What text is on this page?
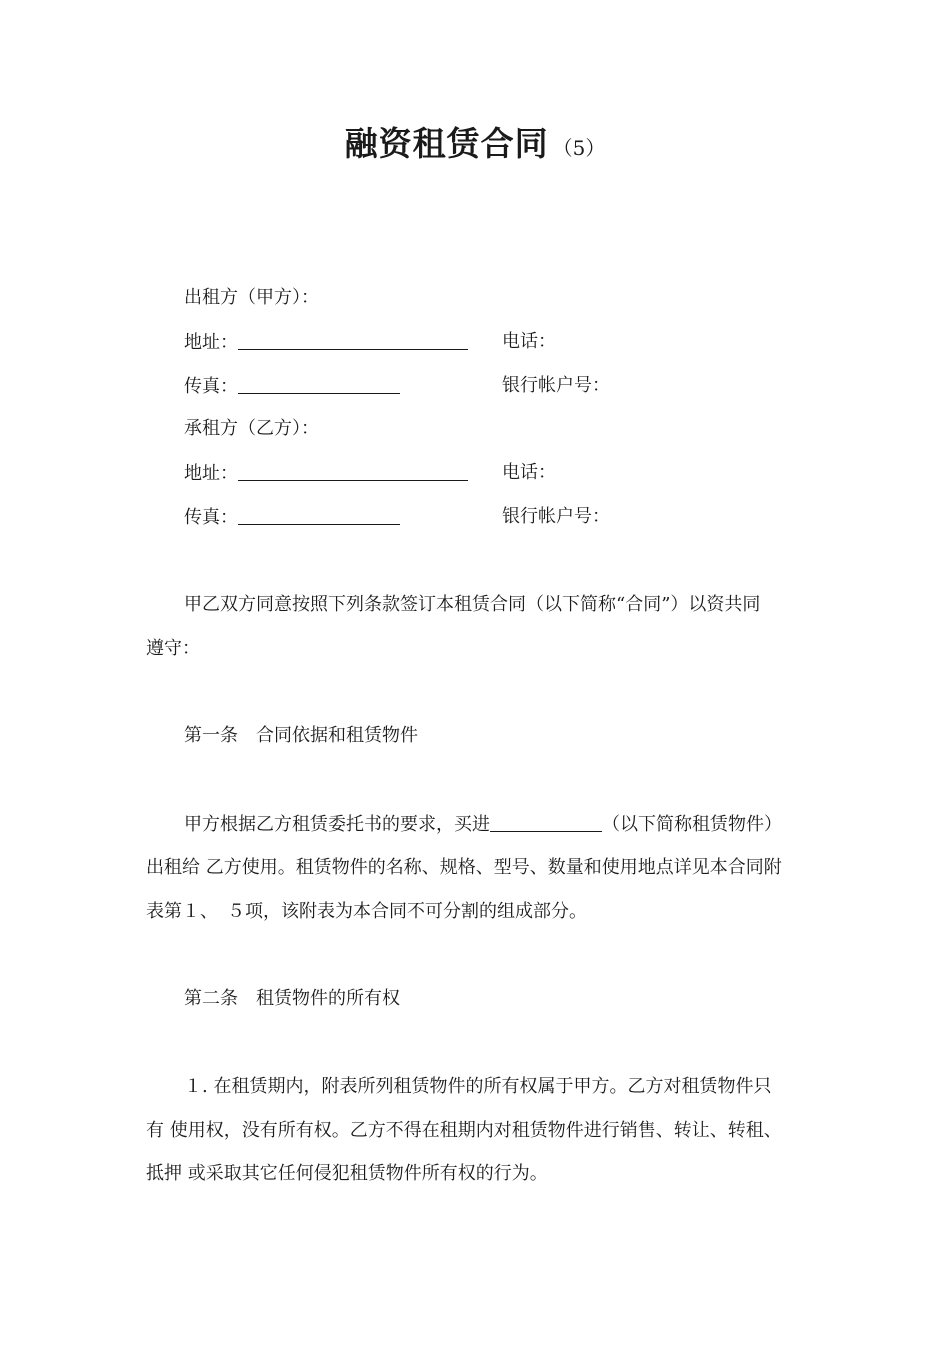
融资租赁合同 （5）
出租方（甲方）：
地址：	电话：
传真：	银行帐户号：
承租方（乙方）：
地址：	电话：
传真：	银行帐户号：
甲乙双方同意按照下列条款签订本租赁合同（以下简称“合同”）以资共同
遵守：
第一条　合同依据和租赁物件
甲方根据乙方租赁委托书的要求，买进	（以下简称租赁物件）
出租给 乙方使用。租赁物件的名称、规格、型号、数量和使用地点详见本合同附
表第１、　５项，该附表为本合同不可分割的组成部分。
第二条　租赁物件的所有权
１. 在租赁期内，附表所列租赁物件的所有权属于甲方。乙方对租赁物件只
有 使用权，没有所有权。乙方不得在租期内对租赁物件进行销售、转让、转租、
抵押 或采取其它任何侵犯租赁物件所有权的行为。
